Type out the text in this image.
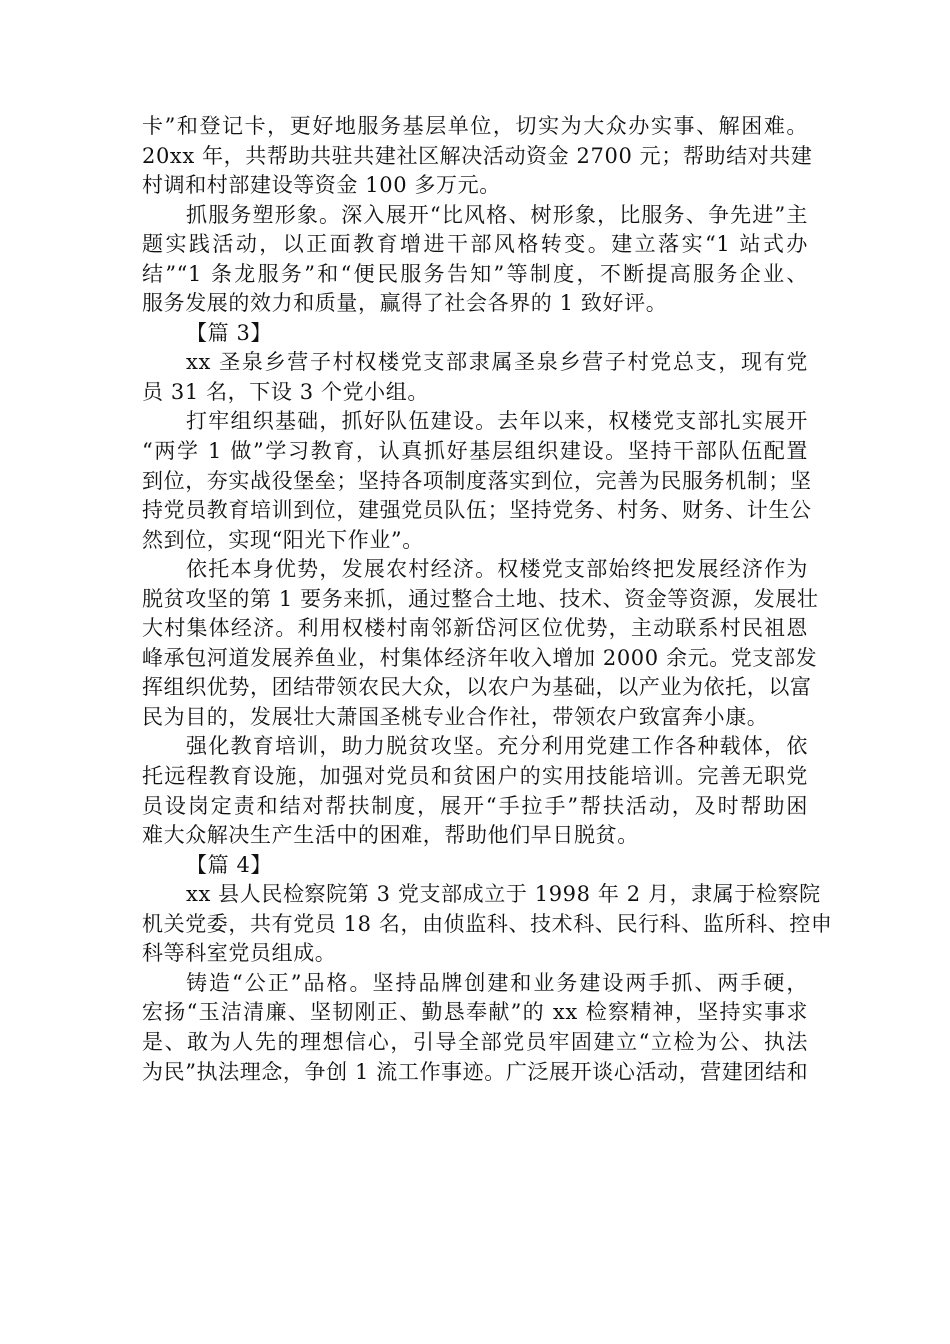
卡”和登记卡，更好地服务基层单位，切实为大众办实事、解困难。
20xx 年，共帮助共驻共建社区解决活动资金 2700 元；帮助结对共建
村调和村部建设等资金 100 多万元。
抓服务塑形象。深入展开“比风格、树形象，比服务、争先进”主
题实践活动，以正面教育增进干部风格转变。建立落实“1 站式办
结”“1 条龙服务”和“便民服务告知”等制度，不断提高服务企业、
服务发展的效力和质量，赢得了社会各界的 1 致好评。
【篇 3】
xx 圣泉乡营子村权楼党支部隶属圣泉乡营子村党总支，现有党
员 31 名，下设 3 个党小组。
打牢组织基础，抓好队伍建设。去年以来，权楼党支部扎实展开
“两学 1 做”学习教育，认真抓好基层组织建设。坚持干部队伍配置
到位，夯实战役堡垒；坚持各项制度落实到位，完善为民服务机制；坚
持党员教育培训到位，建强党员队伍；坚持党务、村务、财务、计生公
然到位，实现“阳光下作业”。
依托本身优势，发展农村经济。权楼党支部始终把发展经济作为
脱贫攻坚的第 1 要务来抓，通过整合土地、技术、资金等资源，发展壮
大村集体经济。利用权楼村南邻新岱河区位优势，主动联系村民祖恩
峰承包河道发展养鱼业，村集体经济年收入增加 2000 余元。党支部发
挥组织优势，团结带领农民大众，以农户为基础，以产业为依托，以富
民为目的，发展壮大萧国圣桃专业合作社，带领农户致富奔小康。
强化教育培训，助力脱贫攻坚。充分利用党建工作各种载体，依
托远程教育设施，加强对党员和贫困户的实用技能培训。完善无职党
员设岗定责和结对帮扶制度，展开“手拉手”帮扶活动，及时帮助困
难大众解决生产生活中的困难，帮助他们早日脱贫。
【篇 4】
xx 县人民检察院第 3 党支部成立于 1998 年 2 月，隶属于检察院
机关党委，共有党员 18 名，由侦监科、技术科、民行科、监所科、控申
科等科室党员组成。
铸造“公正”品格。坚持品牌创建和业务建设两手抓、两手硬，
宏扬“玉洁清廉、坚韧刚正、勤恳奉献”的 xx 检察精神，坚持实事求
是、敢为人先的理想信心，引导全部党员牢固建立“立检为公、执法
为民”执法理念，争创 1 流工作事迹。广泛展开谈心活动，营建团结和
